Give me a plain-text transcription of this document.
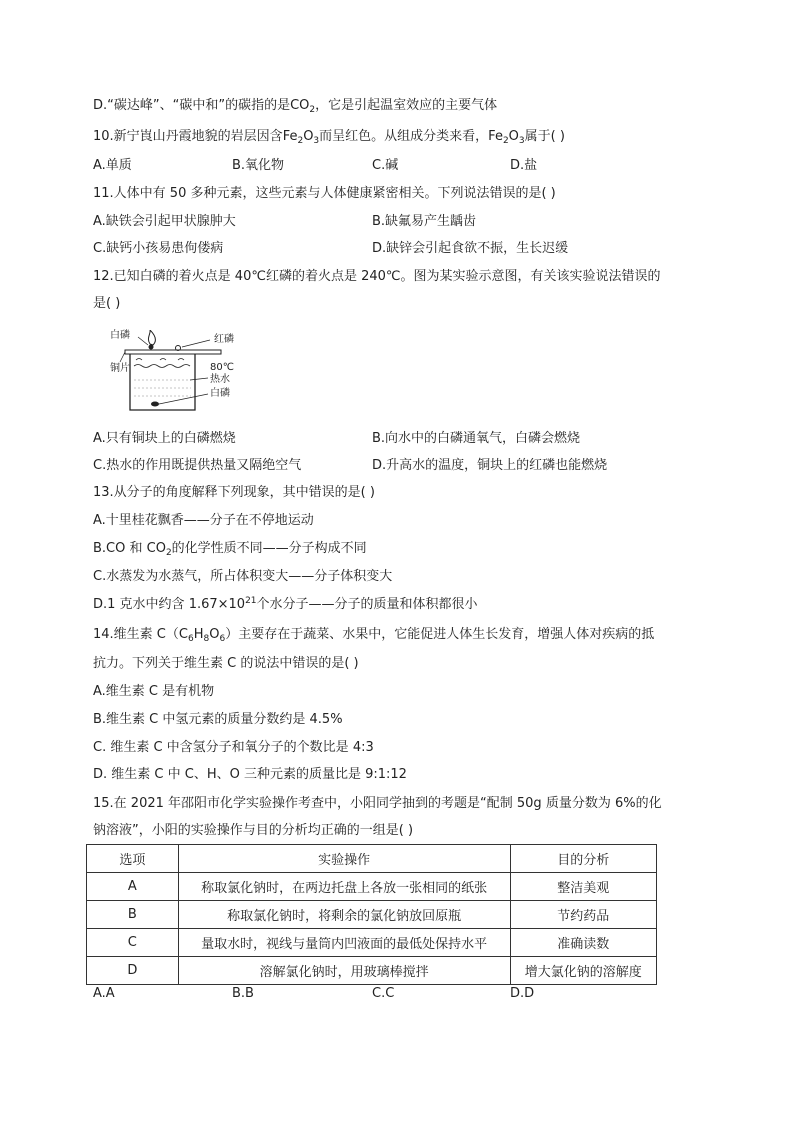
D.“碳达峰”、“碳中和”的碳指的是$CO_2$，它是引起温室效应的主要气体
10.新宁崀山丹霞地貌的岩层因含$Fe_2O_3$而呈红色。从组成分类来看，$Fe_2O_3$属于( )
A.单质	B.氧化物	C.碱	D.盐
11.人体中有 50 多种元素，这些元素与人体健康紧密相关。下列说法错误的是( )
A.缺铁会引起甲状腺肿大	B.缺氟易产生龋齿
C.缺钙小孩易患佝偻病	D.缺锌会引起食欲不振，生长迟缓
12.已知白磷的着火点是 40℃红磷的着火点是 240℃。图为某实验示意图，有关该实验说法错误的
是( )
白磷	红磷
铜片	80℃
热水
白磷
A.只有铜块上的白磷燃烧	B.向水中的白磷通氧气，白磷会燃烧
C.热水的作用既提供热量又隔绝空气	D.升高水的温度，铜块上的红磷也能燃烧
13.从分子的角度解释下列现象，其中错误的是( )
A.十里桂花飘香——分子在不停地运动
B.CO 和 $CO_2$的化学性质不同——分子构成不同
C.水蒸发为水蒸气，所占体积变大——分子体积变大
D.1 克水中约含 $1.67\times 10^{21}$个水分子——分子的质量和体积都很小
14.维生素 $C(C_6H_8O_6)$主要存在于蔬菜、水果中，它能促进人体生长发育，增强人体对疾病的抵
抗力。下列关于维生素 C 的说法中错误的是( )
A.维生素 C 是有机物
B.维生素 C 中氢元素的质量分数约是 4.5%
C. 维生素 C 中含氢分子和氧分子的个数比是 4:3
D. 维生素 C 中 C、H、O 三种元素的质量比是 9:1:12
15.在 2021 年邵阳市化学实验操作考查中，小阳同学抽到的考题是“配制 50g 质量分数为 6%的化
钠溶液”，小阳的实验操作与目的分析均正确的一组是( )
选项	实验操作	目的分析
A	称取氯化钠时，在两边托盘上各放一张相同的纸张	整洁美观
B	称取氯化钠时，将剩余的氯化钠放回原瓶	节约药品
C	量取水时，视线与量筒内凹液面的最低处保持水平	准确读数
D	溶解氯化钠时，用玻璃棒搅拌	增大氯化钠的溶解度
A.A	B.B	C.C	D.D
